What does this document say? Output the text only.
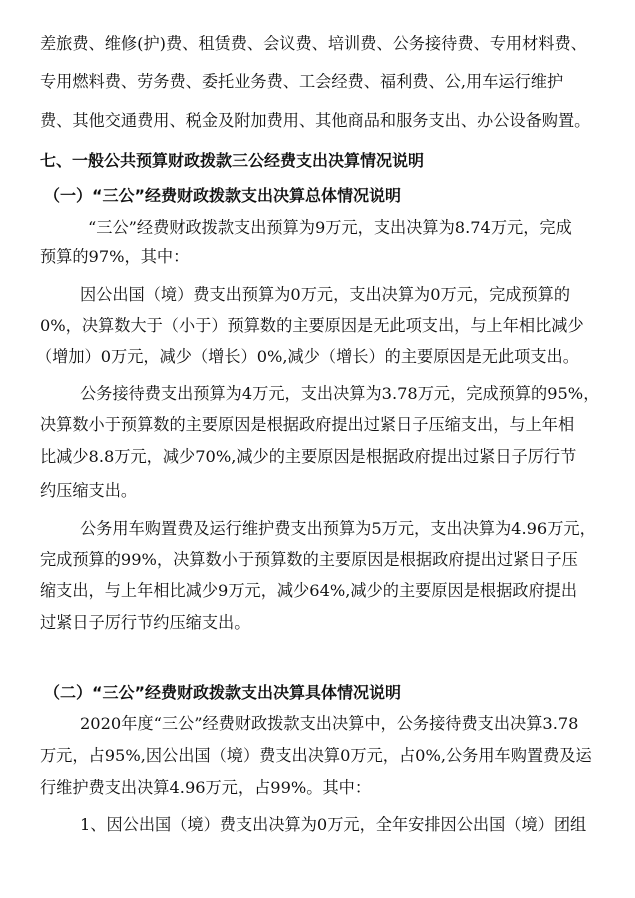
差旅费、维修(护)费、租赁费、会议费、培训费、公务接待费、专用材料费、
专用燃料费、劳务费、委托业务费、工会经费、福利费、公,用车运行维护
费、其他交通费用、税金及附加费用、其他商品和服务支出、办公设备购置。
七、一般公共预算财政拨款三公经费支出决算情况说明
（一）“三公”经费财政拨款支出决算总体情况说明
“三公”经费财政拨款支出预算为9万元，支出决算为8.74万元，完成
预算的97%，其中：
因公出国（境）费支出预算为0万元，支出决算为0万元，完成预算的
0%，决算数大于（小于）预算数的主要原因是无此项支出，与上年相比减少
（增加）0万元，减少（增长）0%,减少（增长）的主要原因是无此项支出。
公务接待费支出预算为4万元，支出决算为3.78万元，完成预算的95%，
决算数小于预算数的主要原因是根据政府提出过紧日子压缩支出，与上年相
比减少8.8万元，减少70%,减少的主要原因是根据政府提出过紧日子厉行节
约压缩支出。
公务用车购置费及运行维护费支出预算为5万元，支出决算为4.96万元，
完成预算的99%，决算数小于预算数的主要原因是根据政府提出过紧日子压
缩支出，与上年相比减少9万元，减少64%,减少的主要原因是根据政府提出
过紧日子厉行节约压缩支出。
（二）“三公”经费财政拨款支出决算具体情况说明
2020年度“三公”经费财政拨款支出决算中，公务接待费支出决算3.78
万元，占95%,因公出国（境）费支出决算0万元，占0%,公务用车购置费及运
行维护费支出决算4.96万元，占99%。其中：
1、因公出国（境）费支出决算为0万元，全年安排因公出国（境）团组
